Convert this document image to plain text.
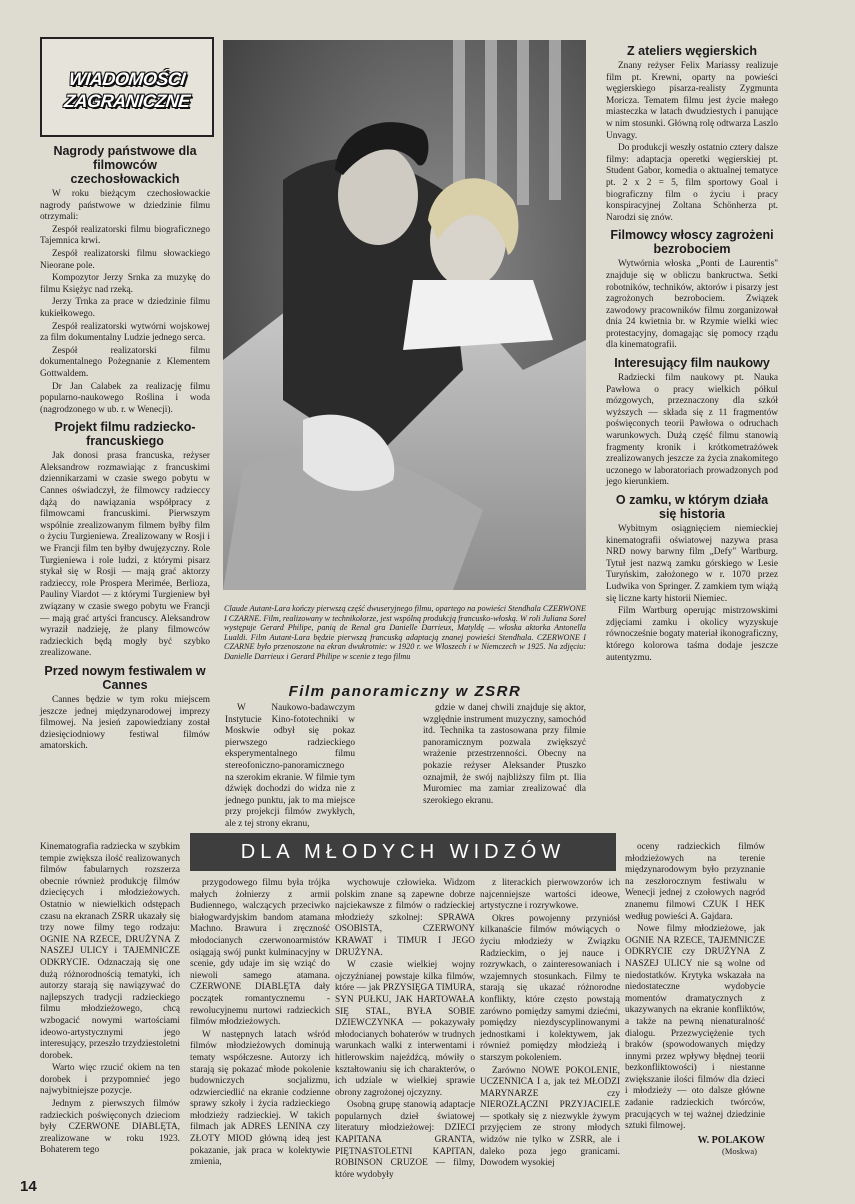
WIADOMOŚCI
ZAGRANICZNE
Nagrody państwowe dla filmowców czechosłowackich

W roku bieżącym czechosłowackie nagrody państwowe w dziedzinie filmu otrzymali:

Zespół realizatorski filmu biograficznego Tajemnica krwi.

Zespół realizatorski filmu słowackiego Nieorane pole.

Kompozytor Jerzy Srnka za muzykę do filmu Księżyc nad rzeką.

Jerzy Trnka za prace w dziedzinie filmu kukiełkowego.

Zespół realizatorski wytwórni wojskowej za film dokumentalny Ludzie jednego serca.

Zespół realizatorski filmu dokumentalnego Pożegnanie z Klementem Gottwaldem.

Dr Jan Calabek za realizację filmu popularno-naukowego Roślina i woda (nagrodzonego w ub. r. w Wenecji).

Projekt filmu radziecko-francuskiego

Jak donosi prasa francuska, reżyser Aleksandrow rozmawiając z francuskimi dziennikarzami w czasie swego pobytu w Cannes oświadczył, że filmowcy radzieccy dążą do nawiązania współpracy z filmowcami francuskimi. Pierwszym wspólnie zrealizowanym filmem byłby film o życiu Turgieniewa. Zrealizowany w Rosji i we Francji film ten byłby dwujęzyczny. Role Turgieniewa i role ludzi, z którymi pisarz stykał się w Rosji — mają grać aktorzy radzieccy, role Prospera Merimée, Berlioza, Pauliny Viardot — z którymi Turgieniew był związany w czasie swego pobytu we Francji — mają grać artyści francuscy. Aleksandrow wyraził nadzieję, że plany filmowców radzieckich będą mogły być szybko zrealizowane.

Przed nowym festiwalem w Cannes

Cannes będzie w tym roku miejscem jeszcze jednej międzynarodowej imprezy filmowej. Na jesień zapowiedziany został dziesięciodniowy festiwal filmów amatorskich.

Claude Autant-Lara kończy pierwszą część dwuseryjnego filmu, opartego na powieści Stendhala CZERWONE I CZARNE. Film, realizowany w technikolorze, jest wspólną produkcją francusko-włoską. W roli Juliana Sorel występuje Gerard Philipe, panią de Renal gra Danielle Darrieux, Matyldę — włoska aktorka Antonella Lualdi. Film Autant-Lara będzie pierwszą francuską adaptacją znanej powieści Stendhala. CZERWONE I CZARNE było przenoszone na ekran dwukrotnie: w 1920 r. we Włoszech i w Niemczech w 1925. Na zdjęciu: Danielle Darrieux i Gerard Philipe w scenie z tego filmu

Film panoramiczny w ZSRR

W Naukowo-badawczym Instytucie Kino-fototechniki w Moskwie odbył się pokaz pierwszego radzieckiego eksperymentalnego filmu stereofoniczno-panoramicznego na szerokim ekranie. W filmie tym dźwięk dochodzi do widza nie z jednego punktu, jak to ma miejsce przy projekcji filmów zwykłych, ale z tej strony ekranu,

gdzie w danej chwili znajduje się aktor, względnie instrument muzyczny, samochód itd. Technika ta zastosowana przy filmie panoramicznym pozwala zwiększyć wrażenie przestrzenności. Obecny na pokazie reżyser Aleksander Ptuszko oznajmił, że swój najbliższy film pt. Ilia Muromiec ma zamiar zrealizować dla szerokiego ekranu.

Z ateliers węgierskich

Znany reżyser Felix Mariassy realizuje film pt. Krewni, oparty na powieści węgierskiego pisarza-realisty Zygmunta Moricza. Tematem filmu jest życie małego miasteczka w latach dwudziestych i panujące w nim stosunki. Główną rolę odtwarza Laszlo Unvagy.

Do produkcji weszły ostatnio cztery dalsze filmy: adaptacja operetki węgierskiej pt. Student Gabor, komedia o aktualnej tematyce pt. 2 x 2 = 5, film sportowy Goal i biograficzny film o życiu i pracy konspiracyjnej Zoltana Schönherza pt. Narodzi się znów.

Filmowcy włoscy zagrożeni bezrobociem

Wytwórnia włoska „Ponti de Laurentis" znajduje się w obliczu bankructwa. Setki robotników, techników, aktorów i pisarzy jest zagrożonych bezrobociem. Związek zawodowy pracowników filmu zorganizował dnia 24 kwietnia br. w Rzymie wielki wiec protestacyjny, domagając się pomocy rządu dla kinematografii.

Interesujący film naukowy

Radziecki film naukowy pt. Nauka Pawłowa o pracy wielkich półkul mózgowych, przeznaczony dla szkół wyższych — składa się z 11 fragmentów poświęconych teorii Pawłowa o odruchach warunkowych. Dużą część filmu stanowią fragmenty kronik i krótkometrażówek zrealizowanych jeszcze za życia znakomitego uczonego w laboratoriach prowadzonych pod jego kierunkiem.

O zamku, w którym działa się historia

Wybitnym osiągnięciem niemieckiej kinematografii oświatowej nazywa prasa NRD nowy barwny film „Defy" Wartburg. Tytuł jest nazwą zamku górskiego w Lesie Turyńskim, założonego w r. 1070 przez Ludwika von Springer. Z zamkiem tym wiążą się liczne karty historii Niemiec.

Film Wartburg operując mistrzowskimi zdjęciami zamku i okolicy wyzyskuje równocześnie bogaty materiał ikonograficzny, którego kolorowa taśma dodaje jeszcze autentyzmu.

DLA MŁODYCH WIDZÓW

Kinematografia radziecka w szybkim tempie zwiększa ilość realizowanych filmów fabularnych rozszerza obecnie również produkcję filmów dziecięcych i młodzieżowych. Ostatnio w niewielkich odstępach czasu na ekranach ZSRR ukazały się trzy nowe filmy tego rodzaju: OGNIE NA RZECE, DRUŻYNA Z NASZEJ ULICY i TAJEMNICZE ODKRYCIE. Odznaczają się one dużą różnorodnością tematyki, ich autorzy starają się nawiązywać do najlepszych tradycji radzieckiego filmu młodzieżowego, chcą wzbogacić nowymi wartościami ideowo-artystycznymi jego interesujący, przeszło trzydziestoletni dorobek.

Warto więc rzucić okiem na ten dorobek i przypomnieć jego najwybitniejsze pozycje.

Jednym z pierwszych filmów radzieckich poświęconych dzieciom były CZERWONE DIABLĘTA, zrealizowane w roku 1923. Bohaterem tego

przygodowego filmu była trójka małych żołnierzy z armii Budiennego, walczących przeciwko białogwardyjskim bandom atamana Machno. Brawura i zręczność młodocianych czerwonoarmistów osiągają swój punkt kulminacyjny w scenie, gdy udaje im się wziąć do niewoli samego atamana. CZERWONE DIABLĘTA dały początek romantycznemu - rewolucyjnemu nurtowi radzieckich filmów młodzieżowych.

W następnych latach wśród filmów młodzieżowych dominują tematy współczesne. Autorzy ich starają się pokazać młode pokolenie budowniczych socjalizmu, odzwierciedlić na ekranie codzienne sprawy szkoły i życia radzieckiego młodzieży radzieckiej. W takich filmach jak ADRES LENINA czy ZŁOTY MIOD główną ideą jest pokazanie, jak praca w kolektywie zmienia,

wychowuje człowieka. Widzom polskim znane są zapewne dobrze najciekawsze z filmów o radzieckiej młodzieży szkolnej: SPRAWA OSOBISTA, CZERWONY KRAWAT i TIMUR I JEGO DRUŻYNA.

W czasie wielkiej wojny ojczyźnianej powstaje kilka filmów, które — jak PRZYSIĘGA TIMURA, SYN PUŁKU, JAK HARTOWAŁA SIĘ STAL, BYŁA SOBIE DZIEWCZYNKA — pokazywały młodocianych bohaterów w trudnych warunkach walki z interwentami i hitlerowskim najeźdźcą, mówiły o kształtowaniu się ich charakterów, o ich udziale w wielkiej sprawie obrony zagrożonej ojczyzny.

Osobną grupę stanowią adaptacje popularnych dzieł światowej literatury młodzieżowej: DZIECI KAPITANA GRANTA, PIĘTNASTOLETNI KAPITAN, ROBINSON CRUZOE — filmy, które wydobyły

z literackich pierwowzorów ich najcenniejsze wartości ideowe, artystyczne i rozrywkowe.

Okres powojenny przyniósł kilkanaście filmów mówiących o życiu młodzieży w Związku Radzieckim, o jej nauce i rozrywkach, o zainteresowaniach i wzajemnych stosunkach. Filmy te starają się ukazać różnorodne konflikty, które często powstają zarówno pomiędzy samymi dziećmi, pomiędzy niezdyscyplinowanymi jednostkami i kolektywem, jak również pomiędzy młodzieżą i starszym pokoleniem.

Zarówno NOWE POKOLENIE, UCZENNICA I a, jak też MŁODZI MARYNARZE czy NIEROZŁĄCZNI PRZYJACIELE — spotkały się z niezwykle żywym przyjęciem ze strony młodych widzów nie tylko w ZSRR, ale i daleko poza jego granicami. Dowodem wysokiej

oceny radzieckich filmów młodzieżowych na terenie międzynarodowym było przyznanie na zeszłorocznym festiwalu w Wenecji jednej z czołowych nagród znanemu filmowi CZUK I HEK według powieści A. Gajdara.

Nowe filmy młodzieżowe, jak OGNIE NA RZECE, TAJEMNICZE ODKRYCIE czy DRUŻYNA Z NASZEJ ULICY nie są wolne od niedostatków. Krytyka wskazała na niedostateczne wydobycie momentów dramatycznych z ukazywanych na ekranie konfliktów, a także na pewną nienaturalność dialogu. Przezwyciężenie tych braków (spowodowanych między innymi przez wpływy błędnej teorii bezkonfliktowości) i niestanne zwiększanie ilości filmów dla dzieci i młodzieży — oto dalsze główne zadanie radzieckich twórców, pracujących w tej ważnej dziedzinie sztuki filmowej.

W. POLAKOW
(Moskwa)
14
